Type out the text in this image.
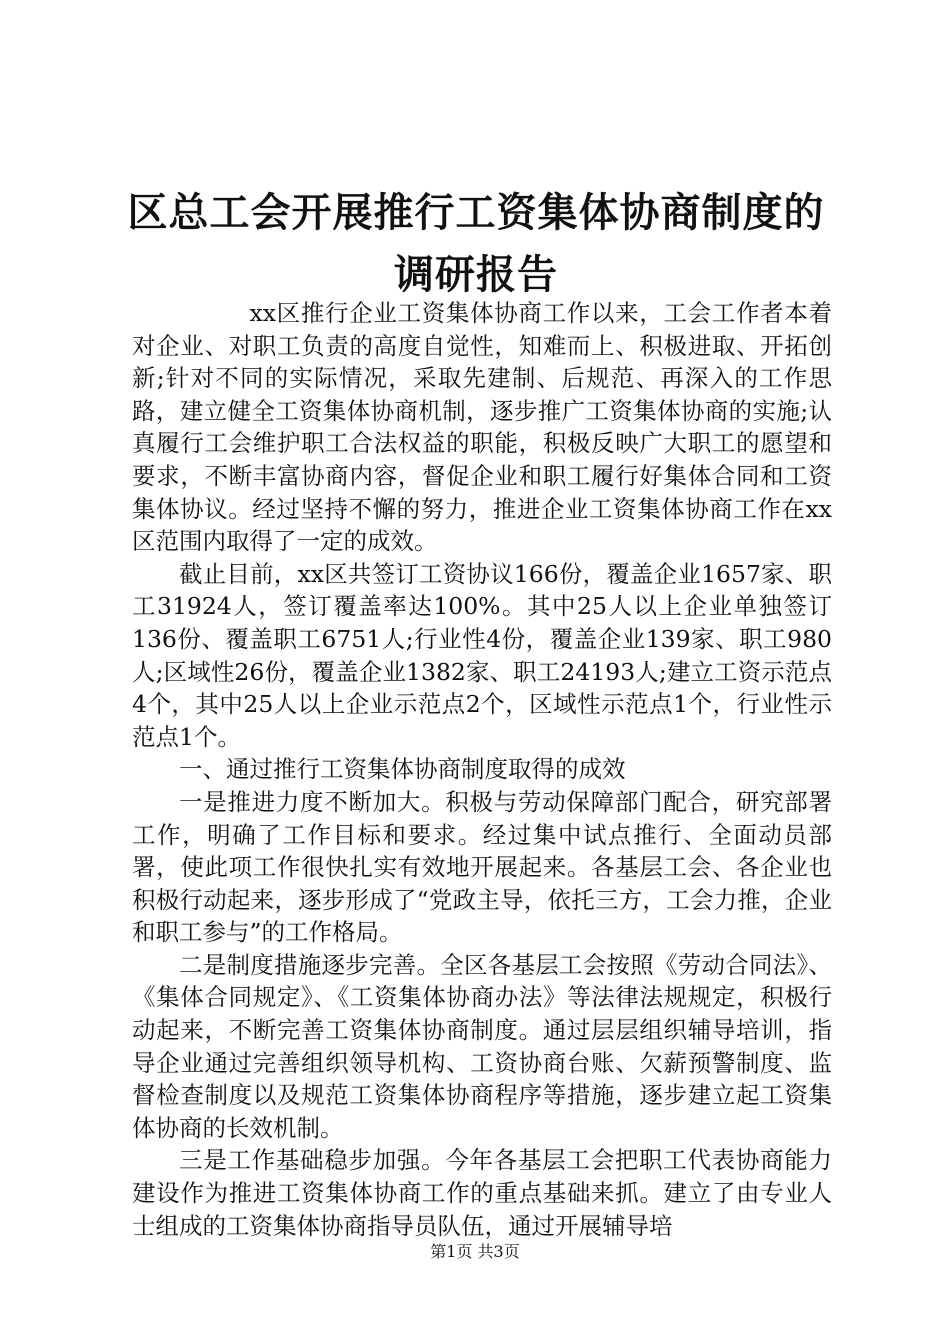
区总工会开展推行工资集体协商制度的调研报告

xx区推行企业工资集体协商工作以来，工会工作者本着对企业、对职工负责的高度自觉性，知难而上、积极进取、开拓创新;针对不同的实际情况，采取先建制、后规范、再深入的工作思路，建立健全工资集体协商机制，逐步推广工资集体协商的实施;认真履行工会维护职工合法权益的职能，积极反映广大职工的愿望和要求，不断丰富协商内容，督促企业和职工履行好集体合同和工资集体协议。经过坚持不懈的努力，推进企业工资集体协商工作在xx区范围内取得了一定的成效。

截止目前，xx区共签订工资协议166份，覆盖企业1657家、职工31924人，签订覆盖率达100%。其中25人以上企业单独签订136份、覆盖职工6751人;行业性4份，覆盖企业139家、职工980人;区域性26份，覆盖企业1382家、职工24193人;建立工资示范点4个，其中25人以上企业示范点2个，区域性示范点1个，行业性示范点1个。

一、通过推行工资集体协商制度取得的成效

一是推进力度不断加大。积极与劳动保障部门配合，研究部署工作，明确了工作目标和要求。经过集中试点推行、全面动员部署，使此项工作很快扎实有效地开展起来。各基层工会、各企业也积极行动起来，逐步形成了“党政主导，依托三方，工会力推，企业和职工参与”的工作格局。

二是制度措施逐步完善。全区各基层工会按照《劳动合同法》、《集体合同规定》、《工资集体协商办法》等法律法规规定，积极行动起来，不断完善工资集体协商制度。通过层层组织辅导培训，指导企业通过完善组织领导机构、工资协商台账、欠薪预警制度、监督检查制度以及规范工资集体协商程序等措施，逐步建立起工资集体协商的长效机制。

三是工作基础稳步加强。今年各基层工会把职工代表协商能力建设作为推进工资集体协商工作的重点基础来抓。建立了由专业人士组成的工资集体协商指导员队伍，通过开展辅导培

第1页 共3页
